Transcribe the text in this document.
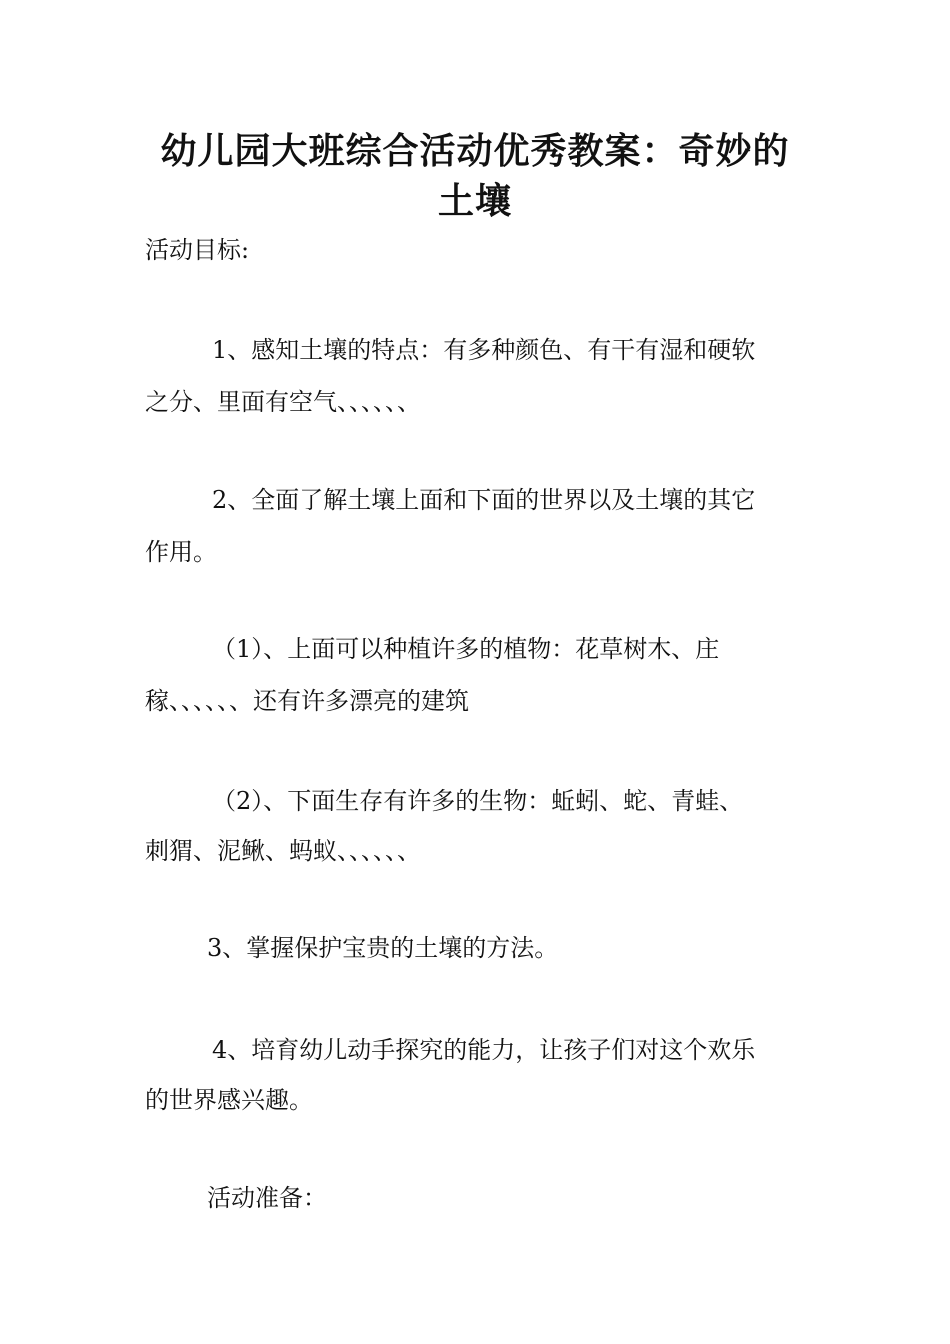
幼儿园大班综合活动优秀教案：奇妙的
土壤

活动目标:

1、感知土壤的特点：有多种颜色、有干有湿和硬软

之分、里面有空气、、、、、、

2、全面了解土壤上面和下面的世界以及土壤的其它

作用。

（1）、上面可以种植许多的植物：花草树木、庄

稼、、、、、、还有许多漂亮的建筑

（2）、下面生存有许多的生物：蚯蚓、蛇、青蛙、

刺猬、泥鳅、蚂蚁、、、、、、

3、掌握保护宝贵的土壤的方法。

4、培育幼儿动手探究的能力，让孩子们对这个欢乐

的世界感兴趣。

活动准备：
